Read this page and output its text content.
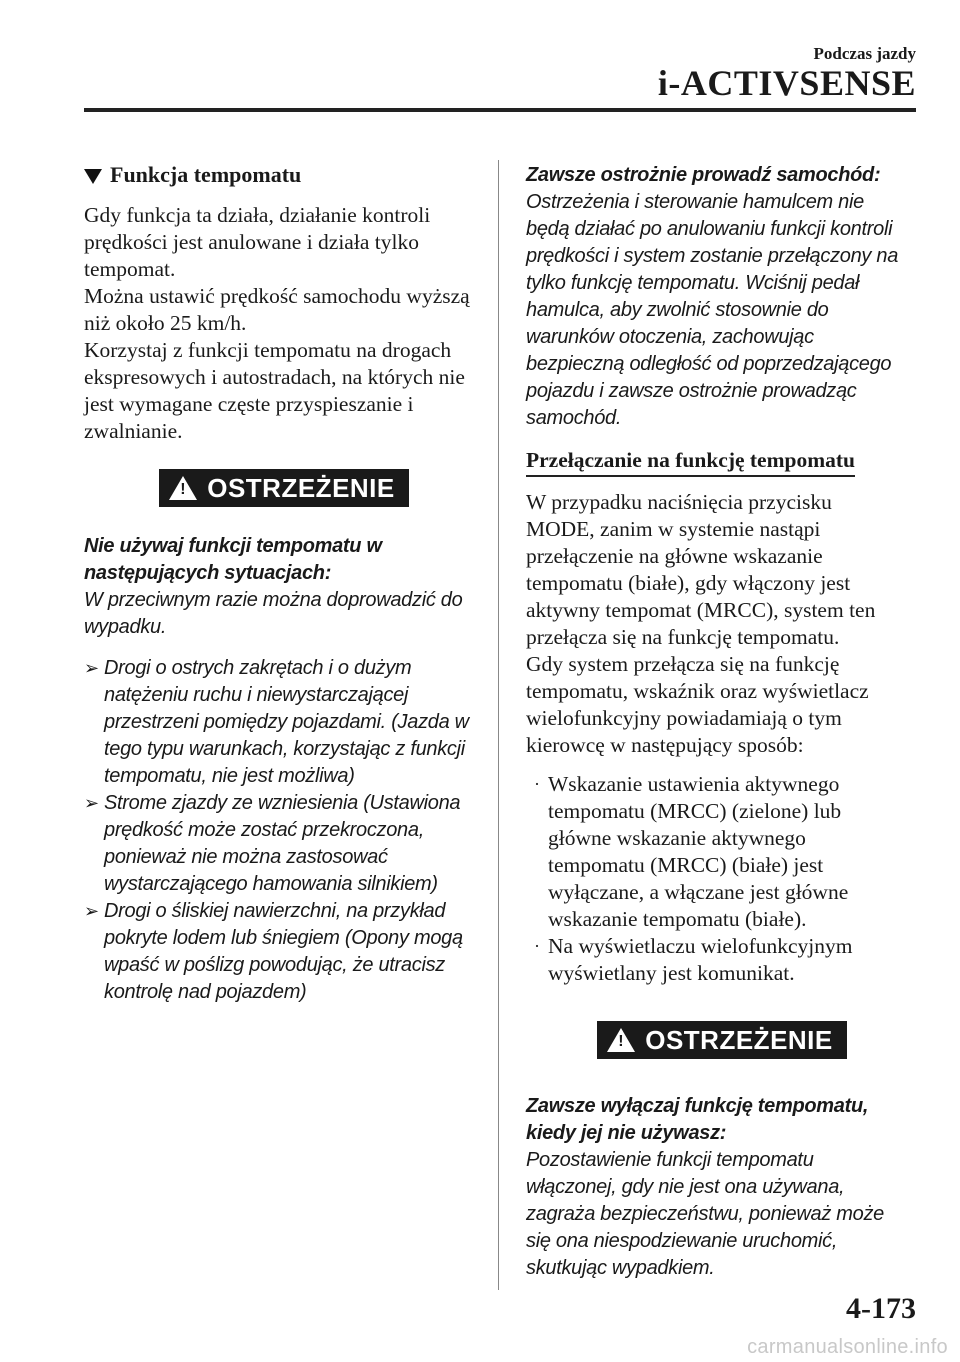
Podczas jazdy
i-ACTIVSENSE
Funkcja tempomatu

Gdy funkcja ta działa, działanie kontroli prędkości jest anulowane i działa tylko tempomat.

Można ustawić prędkość samochodu wyższą niż około 25 km/h.

Korzystaj z funkcji tempomatu na drogach ekspresowych i autostradach, na których nie jest wymagane częste przyspieszanie i zwalnianie.

! OSTRZEŻENIE

Nie używaj funkcji tempomatu w następujących sytuacjach:

W przeciwnym razie można doprowadzić do wypadku.

➢ Drogi o ostrych zakrętach i o dużym natężeniu ruchu i niewystarczającej przestrzeni pomiędzy pojazdami. (Jazda w tego typu warunkach, korzystając z funkcji tempomatu, nie jest możliwa)
➢ Strome zjazdy ze wzniesienia (Ustawiona prędkość może zostać przekroczona, ponieważ nie można zastosować wystarczającego hamowania silnikiem)
➢ Drogi o śliskiej nawierzchni, na przykład pokryte lodem lub śniegiem (Opony mogą wpaść w poślizg powodując, że utracisz kontrolę nad pojazdem)

Zawsze ostrożnie prowadź samochód:

Ostrzeżenia i sterowanie hamulcem nie będą działać po anulowaniu funkcji kontroli prędkości i system zostanie przełączony na tylko funkcję tempomatu. Wciśnij pedał hamulca, aby zwolnić stosownie do warunków otoczenia, zachowując bezpieczną odległość od poprzedzającego pojazdu i zawsze ostrożnie prowadząc samochód.

Przełączanie na funkcję tempomatu

W przypadku naciśnięcia przycisku MODE, zanim w systemie nastąpi przełączenie na główne wskazanie tempomatu (białe), gdy włączony jest aktywny tempomat (MRCC), system ten przełącza się na funkcję tempomatu.

Gdy system przełącza się na funkcję tempomatu, wskaźnik oraz wyświetlacz wielofunkcyjny powiadamiają o tym kierowcę w następujący sposób:

· Wskazanie ustawienia aktywnego tempomatu (MRCC) (zielone) lub główne wskazanie aktywnego tempomatu (MRCC) (białe) jest wyłączane, a włączane jest główne wskazanie tempomatu (białe).
· Na wyświetlaczu wielofunkcyjnym wyświetlany jest komunikat.
! OSTRZEŻENIE

Zawsze wyłączaj funkcję tempomatu, kiedy jej nie używasz:

Pozostawienie funkcji tempomatu włączonej, gdy nie jest ona używana, zagraża bezpieczeństwu, ponieważ może się ona niespodziewanie uruchomić, skutkując wypadkiem.

4-173
carmanualsonline.info
